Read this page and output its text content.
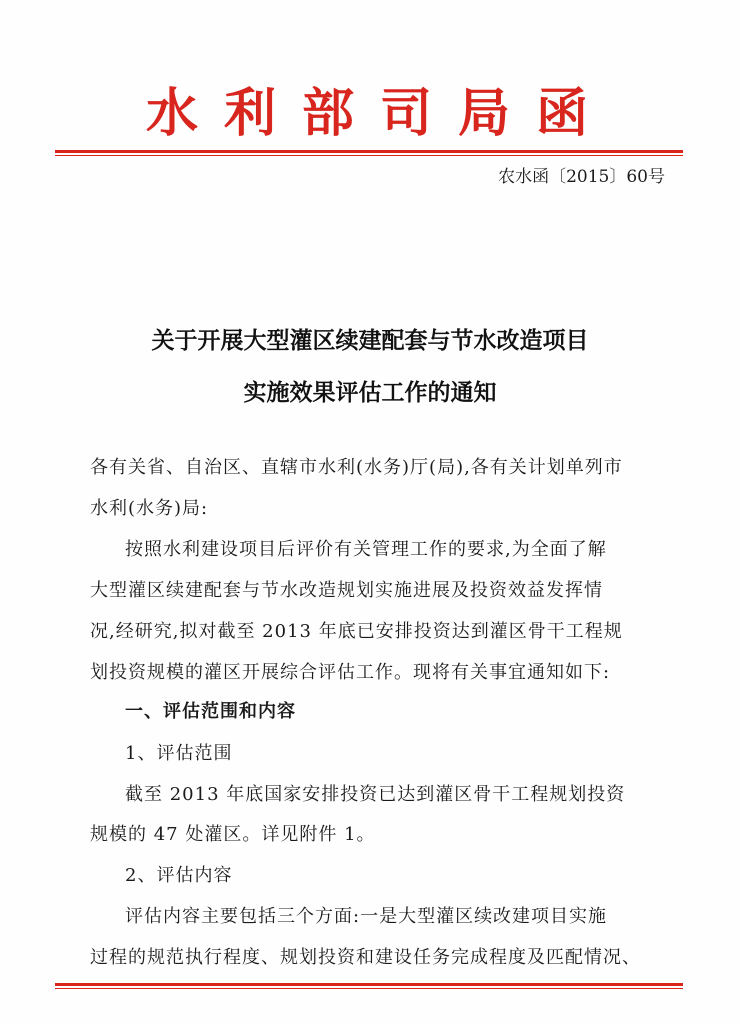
水利部司局函
农水函〔2015〕60号
关于开展大型灌区续建配套与节水改造项目
实施效果评估工作的通知
各有关省、自治区、直辖市水利(水务)厅(局),各有关计划单列市
水利(水务)局:
按照水利建设项目后评价有关管理工作的要求,为全面了解
大型灌区续建配套与节水改造规划实施进展及投资效益发挥情
况,经研究,拟对截至 2013 年底已安排投资达到灌区骨干工程规
划投资规模的灌区开展综合评估工作。现将有关事宜通知如下:
一、评估范围和内容
1、评估范围
截至 2013 年底国家安排投资已达到灌区骨干工程规划投资
规模的 47 处灌区。详见附件 1。
2、评估内容
评估内容主要包括三个方面:一是大型灌区续改建项目实施
过程的规范执行程度、规划投资和建设任务完成程度及匹配情况、
